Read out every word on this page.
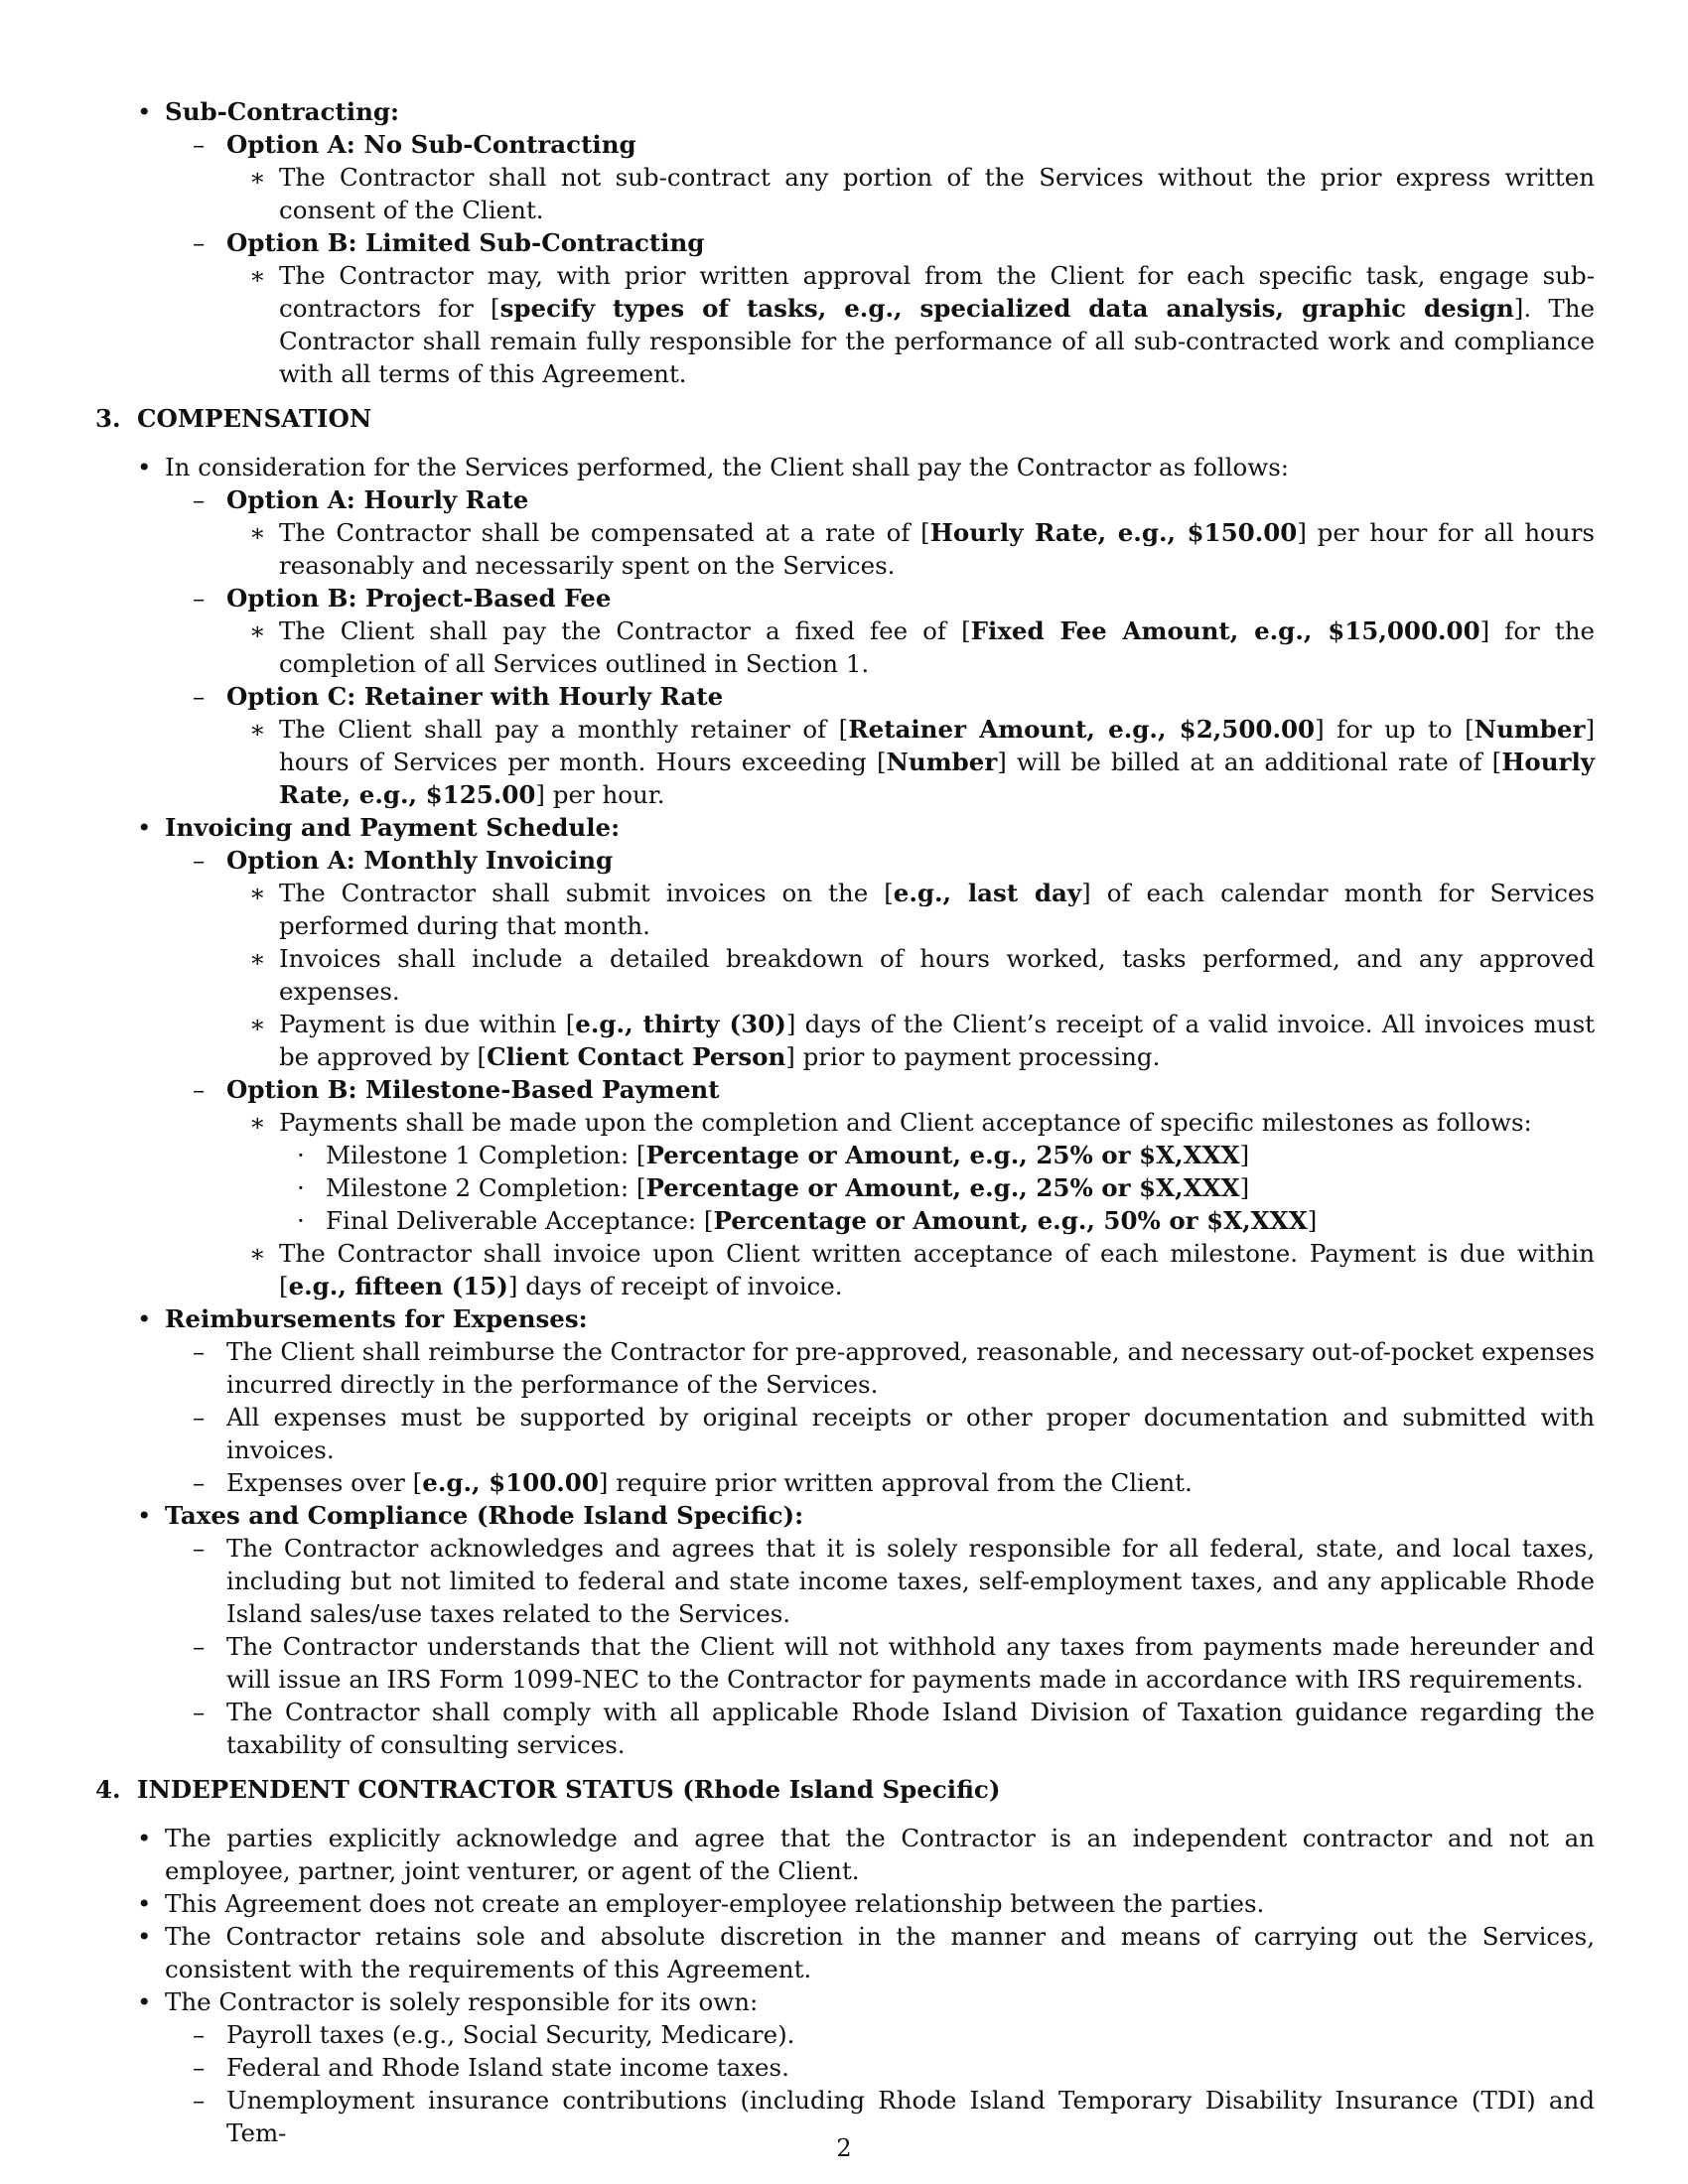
• Sub-Contracting:

– Option A: No Sub-Contracting

∗ The Contractor shall not sub-contract any portion of the Services without the prior express written consent of the Client.

– Option B: Limited Sub-Contracting

∗ The Contractor may, with prior written approval from the Client for each specific task, engage sub-contractors for [specify types of tasks, e.g., specialized data analysis, graphic design]. The Contractor shall remain fully responsible for the performance of all sub-contracted work and compliance with all terms of this Agreement.

3. COMPENSATION

• In consideration for the Services performed, the Client shall pay the Contractor as follows:

– Option A: Hourly Rate

∗ The Contractor shall be compensated at a rate of [Hourly Rate, e.g., $150.00] per hour for all hours reasonably and necessarily spent on the Services.

– Option B: Project-Based Fee

∗ The Client shall pay the Contractor a fixed fee of [Fixed Fee Amount, e.g., $15,000.00] for the completion of all Services outlined in Section 1.

– Option C: Retainer with Hourly Rate

∗ The Client shall pay a monthly retainer of [Retainer Amount, e.g., $2,500.00] for up to [Number] hours of Services per month. Hours exceeding [Number] will be billed at an additional rate of [Hourly Rate, e.g., $125.00] per hour.

• Invoicing and Payment Schedule:

– Option A: Monthly Invoicing

∗ The Contractor shall submit invoices on the [e.g., last day] of each calendar month for Services performed during that month.

∗ Invoices shall include a detailed breakdown of hours worked, tasks performed, and any approved expenses.

∗ Payment is due within [e.g., thirty (30)] days of the Client’s receipt of a valid invoice. All invoices must be approved by [Client Contact Person] prior to payment processing.

– Option B: Milestone-Based Payment

∗ Payments shall be made upon the completion and Client acceptance of specific milestones as follows:

· Milestone 1 Completion: [Percentage or Amount, e.g., 25% or $X,XXX]

· Milestone 2 Completion: [Percentage or Amount, e.g., 25% or $X,XXX]

· Final Deliverable Acceptance: [Percentage or Amount, e.g., 50% or $X,XXX]

∗ The Contractor shall invoice upon Client written acceptance of each milestone. Payment is due within [e.g., fifteen (15)] days of receipt of invoice.

• Reimbursements for Expenses:

– The Client shall reimburse the Contractor for pre-approved, reasonable, and necessary out-of-pocket expenses incurred directly in the performance of the Services.

– All expenses must be supported by original receipts or other proper documentation and submitted with invoices.

– Expenses over [e.g., $100.00] require prior written approval from the Client.

• Taxes and Compliance (Rhode Island Specific):

– The Contractor acknowledges and agrees that it is solely responsible for all federal, state, and local taxes, including but not limited to federal and state income taxes, self-employment taxes, and any applicable Rhode Island sales/use taxes related to the Services.

– The Contractor understands that the Client will not withhold any taxes from payments made hereunder and will issue an IRS Form 1099-NEC to the Contractor for payments made in accordance with IRS requirements.

– The Contractor shall comply with all applicable Rhode Island Division of Taxation guidance regarding the taxability of consulting services.

4. INDEPENDENT CONTRACTOR STATUS (Rhode Island Specific)

• The parties explicitly acknowledge and agree that the Contractor is an independent contractor and not an employee, partner, joint venturer, or agent of the Client.

• This Agreement does not create an employer-employee relationship between the parties.

• The Contractor retains sole and absolute discretion in the manner and means of carrying out the Services, consistent with the requirements of this Agreement.

• The Contractor is solely responsible for its own:

– Payroll taxes (e.g., Social Security, Medicare).

– Federal and Rhode Island state income taxes.

– Unemployment insurance contributions (including Rhode Island Temporary Disability Insurance (TDI) and Tem-

2
